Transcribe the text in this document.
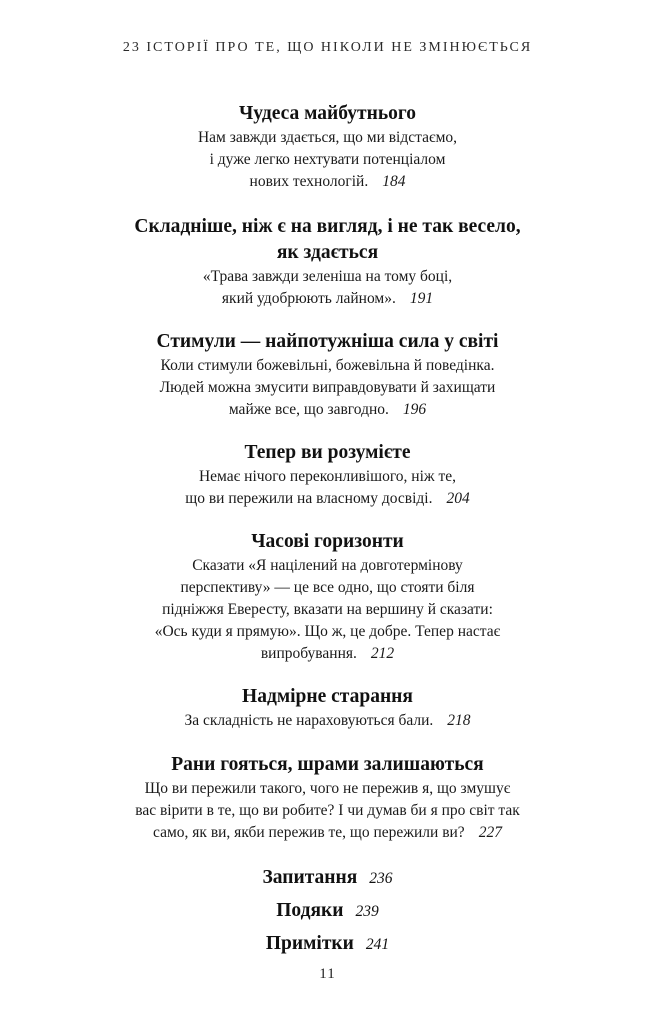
23 ІСТОРІЇ ПРО ТЕ, ЩО НІКОЛИ НЕ ЗМІНЮЄТЬСЯ
Чудеса майбутнього
Нам завжди здається, що ми відстаємо,
і дуже легко нехтувати потенціалом
нових технологій. 184
Складніше, ніж є на вигляд, і не так весело,
як здається
«Трава завжди зеленіша на тому боці,
який удобрюють лайном». 191
Стимули — найпотужніша сила у світі
Коли стимули божевільні, божевільна й поведінка.
Людей можна змусити виправдовувати й захищати
майже все, що завгодно. 196
Тепер ви розумієте
Немає нічого переконливішого, ніж те,
що ви пережили на власному досвіді. 204
Часові горизонти
Сказати «Я націлений на довготермінову
перспективу» — це все одно, що стояти біля
підніжжя Евересту, вказати на вершину й сказати:
«Ось куди я прямую». Що ж, це добре. Тепер настає
випробування. 212
Надмірне старання
За складність не нараховуються бали. 218
Рани гояться, шрами залишаються
Що ви пережили такого, чого не пережив я, що змушує
вас вірити в те, що ви робите? І чи думав би я про світ так
само, як ви, якби пережив те, що пережили ви? 227
Запитання 236
Подяки 239
Примітки 241
11
